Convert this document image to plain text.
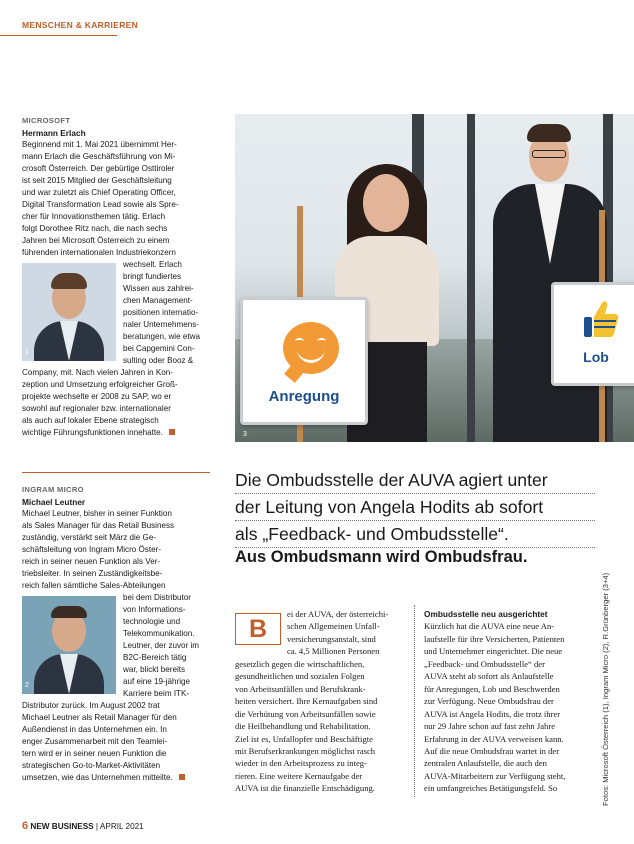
MENSCHEN & KARRIEREN
MICROSOFT
Hermann Erlach
Beginnend mit 1. Mai 2021 übernimmt Her-
mann Erlach die Geschäftsführung von Mi-
crosoft Österreich. Der gebürtige Osttiroler
ist seit 2015 Mitglied der Geschäftsleitung
und war zuletzt als Chief Operating Officer,
Digital Transformation Lead sowie als Spre-
cher für Innovationsthemen tätig. Erlach
folgt Dorothee Ritz nach, die nach sechs
Jahren bei Microsoft Österreich zu einem
führenden internationalen Industriekonzern

1
wechselt. Erlach
bringt fundiertes
Wissen aus zahlrei-
chen Management-
positionen internatio-
naler Unternehmens-
beratungen, wie etwa
bei Capgemini Con-
sulting oder Booz &
Company, mit. Nach vielen Jahren in Kon-
zeption und Umsetzung erfolgreicher Groß-
projekte wechselte er 2008 zu SAP, wo er
sowohl auf regionaler bzw. internationaler
als auch auf lokaler Ebene strategisch
wichtige Führungsfunktionen innehatte.
INGRAM MICRO
Michael Leutner
Michael Leutner, bisher in seiner Funktion
als Sales Manager für das Retail Business
zuständig, verstärkt seit März die Ge-
schäftsleitung von Ingram Micro Öster-
reich in seiner neuen Funktion als Ver-
triebsleiter. In seinen Zuständigkeitsbe-
reich fallen sämtliche Sales-Abteilungen

2
bei dem Distributor
von Informations-
technologie und
Telekommunikation.
Leutner, der zuvor im
B2C-Bereich tätig
war, blickt bereits
auf eine 19-jährige
Karriere beim ITK-
Distributor zurück. Im August 2002 trat
Michael Leutner als Retail Manager für den
Außendienst in das Unternehmen ein. In
enger Zusammenarbeit mit den Teamlei-
tern wird er in seiner neuen Funktion die
strategischen Go-to-Market-Aktivitäten
umsetzen, wie das Unternehmen mitteilte.
Anregung
Lob
3
Die Ombudsstelle der AUVA agiert unter
der Leitung von Angela Hodits ab sofort
als „Feedback- und Ombudsstelle“.
Aus Ombudsmann wird Ombudsfrau.
B
ei der AUVA, der österreichi-
schen Allgemeinen Unfall-
versicherungsanstalt, sind
ca. 4,5 Millionen Personen
gesetzlich gegen die wirtschaftlichen,
gesundheitlichen und sozialen Folgen
von Arbeitsunfällen und Berufskrank-
heiten versichert. Ihre Kernaufgaben sind
die Verhütung von Arbeitsunfällen sowie
die Heilbehandlung und Rehabilitation.
Ziel ist es, Unfallopfer und Beschäftigte
mit Berufserkrankungen möglichst rasch
wieder in den Arbeitsprozess zu integ-
rieren. Eine weitere Kernaufgabe der
AUVA ist die finanzielle Entschädigung.
Ombudsstelle neu ausgerichtet
Kürzlich hat die AUVA eine neue An-
laufstelle für ihre Versicherten, Patienten
und Unternehmer eingerichtet. Die neue
„Feedback- und Ombudsstelle“ der
AUVA steht ab sofort als Anlaufstelle
für Anregungen, Lob und Beschwerden
zur Verfügung. Neue Ombudsfrau der
AUVA ist Angela Hodits, die trotz ihrer
nur 29 Jahre schon auf fast zehn Jahre
Erfahrung in der AUVA verweisen kann.
Auf die neue Ombudsfrau wartet in der
zentralen Anlaufstelle, die auch den
AUVA-Mitarbeitern zur Verfügung steht,
ein umfangreiches Betätigungsfeld. So	Fotos: Microsoft Österreich (1), Ingram Micro (2), R.Grünberger (3+4)
6 NEW BUSINESS | APRIL 2021
